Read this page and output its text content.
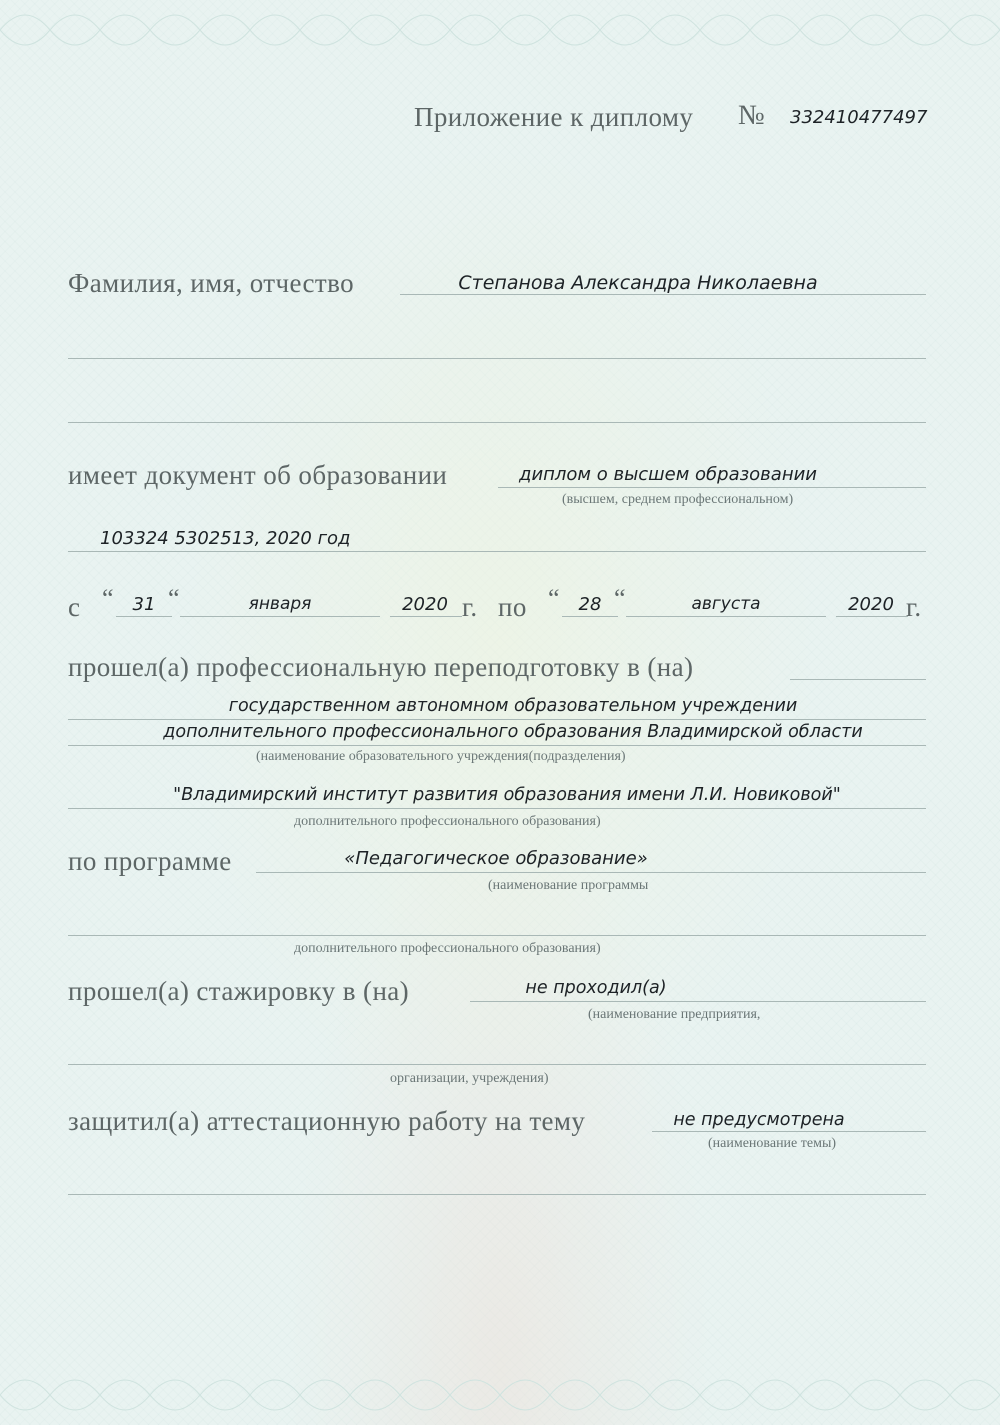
Приложение к диплому № 332410477497
Фамилия, имя, отчество	Степанова Александра Николаевна
имеет документ об образовании	диплом о высшем образовании
(высшем, среднем профессиональном)
103324 5302513, 2020 год
с “	31 “	января	2020 г. по “	28 “	августа	2020 г.
прошел(а) профессиональную переподготовку в (на)
государственном автономном образовательном учреждении
дополнительного профессионального образования Владимирской области
(наименование образовательного учреждения(подразделения)
"Владимирский институт развития образования имени Л.И. Новиковой"
дополнительного профессионального образования)
по программе	«Педагогическое образование»
(наименование программы
дополнительного профессионального образования)
прошел(а) стажировку в (на)	не проходил(а)
(наименование предприятия,
организации, учреждения)
защитил(а) аттестационную работу на тему	не предусмотрена
(наименование темы)
